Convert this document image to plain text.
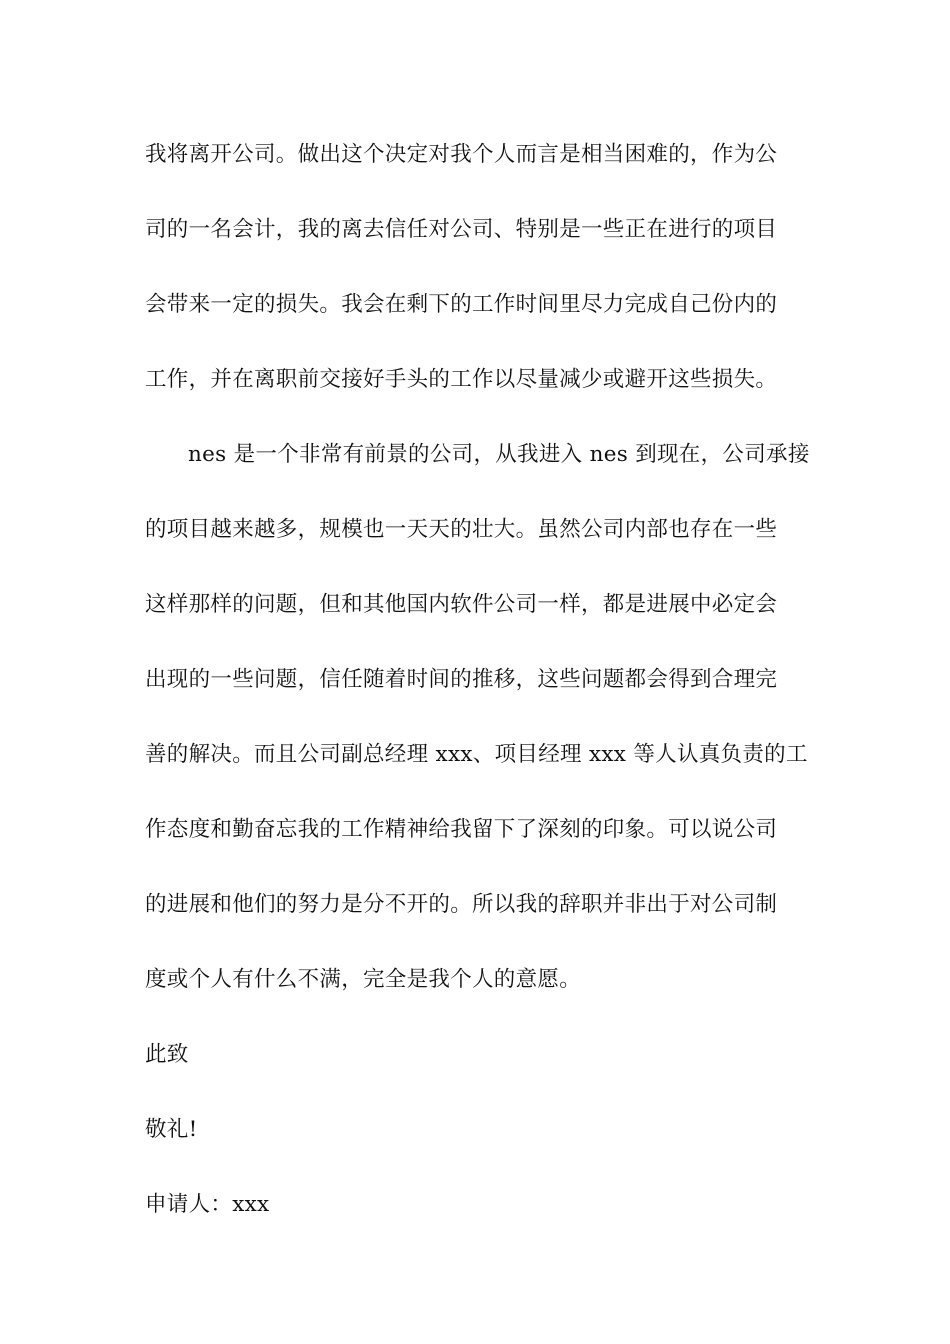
我将离开公司。做出这个决定对我个人而言是相当困难的，作为公
司的一名会计，我的离去信任对公司、特别是一些正在进行的项目
会带来一定的损失。我会在剩下的工作时间里尽力完成自己份内的
工作，并在离职前交接好手头的工作以尽量减少或避开这些损失。
nes 是一个非常有前景的公司，从我进入 nes 到现在，公司承接
的项目越来越多，规模也一天天的壮大。虽然公司内部也存在一些
这样那样的问题，但和其他国内软件公司一样，都是进展中必定会
出现的一些问题，信任随着时间的推移，这些问题都会得到合理完
善的解决。而且公司副总经理 xxx、项目经理 xxx 等人认真负责的工
作态度和勤奋忘我的工作精神给我留下了深刻的印象。可以说公司
的进展和他们的努力是分不开的。所以我的辞职并非出于对公司制
度或个人有什么不满，完全是我个人的意愿。
此致
敬礼!
申请人：xxx
